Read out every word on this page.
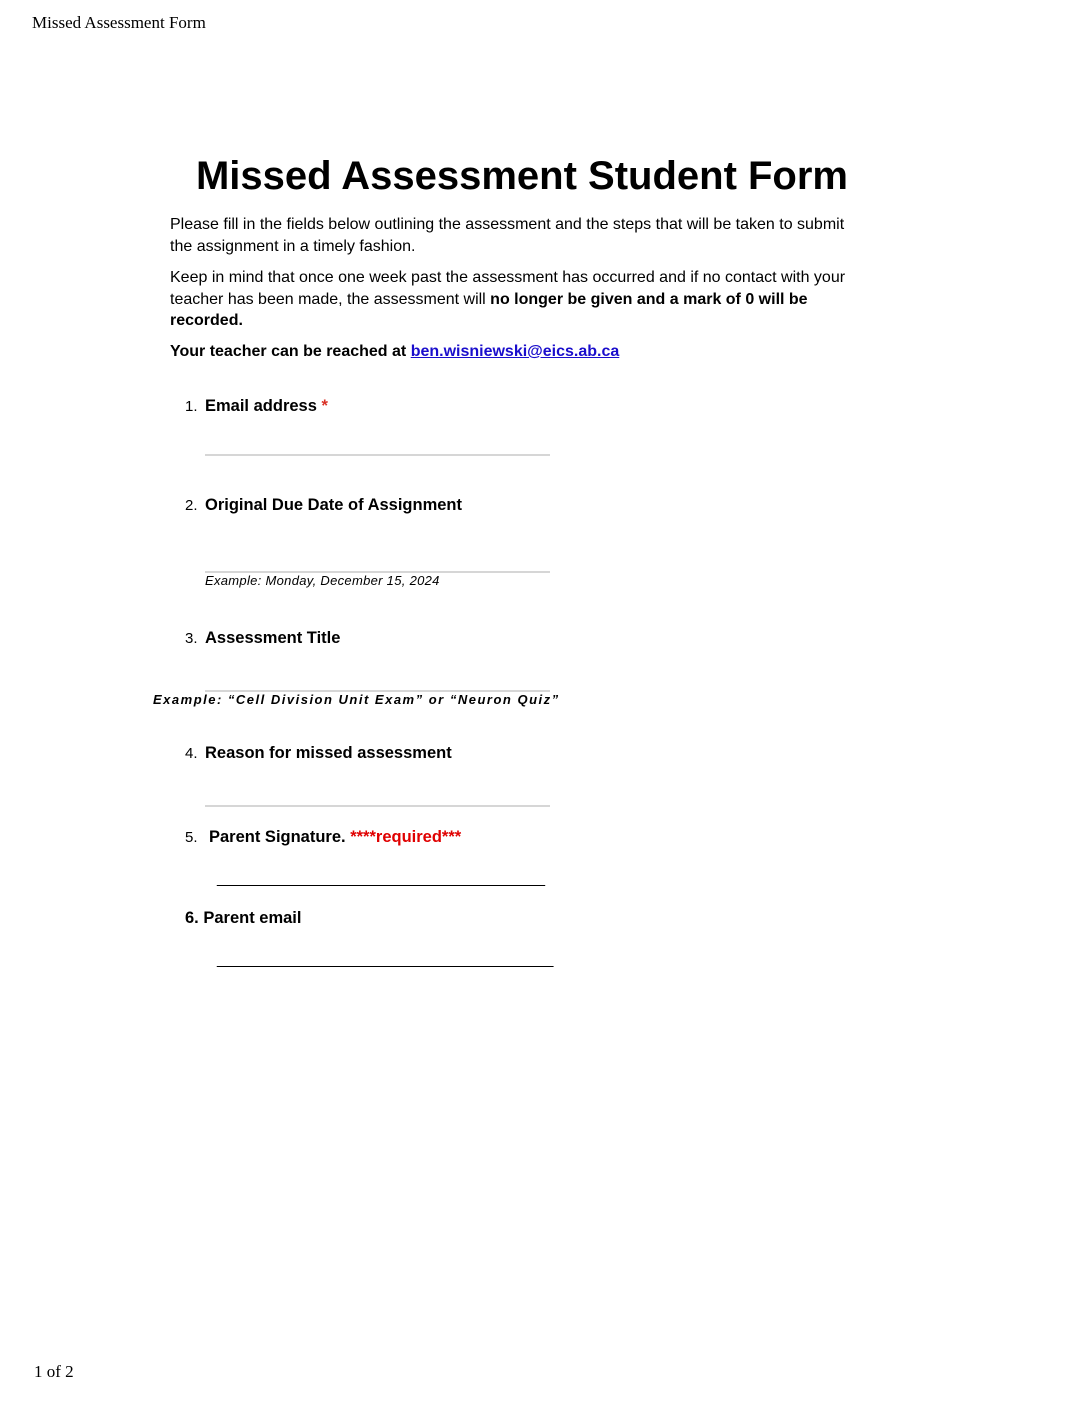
Missed Assessment Form
Missed Assessment Student Form
Please fill in the fields below outlining the assessment and the steps that will be taken to submit the assignment in a timely fashion.
Keep in mind that once one week past the assessment has occurred and if no contact with your teacher has been made, the assessment will no longer be given and a mark of 0 will be recorded.
Your teacher can be reached at ben.wisniewski@eics.ab.ca
1. Email address *
2. Original Due Date of Assignment
Example: Monday, December 15, 2024
3. Assessment Title
Example: “Cell Division Unit Exam” or “Neuron Quiz”
4. Reason for missed assessment
5. Parent Signature. ****required***
_______________________________________
6. Parent email
________________________________________
1 of 2
